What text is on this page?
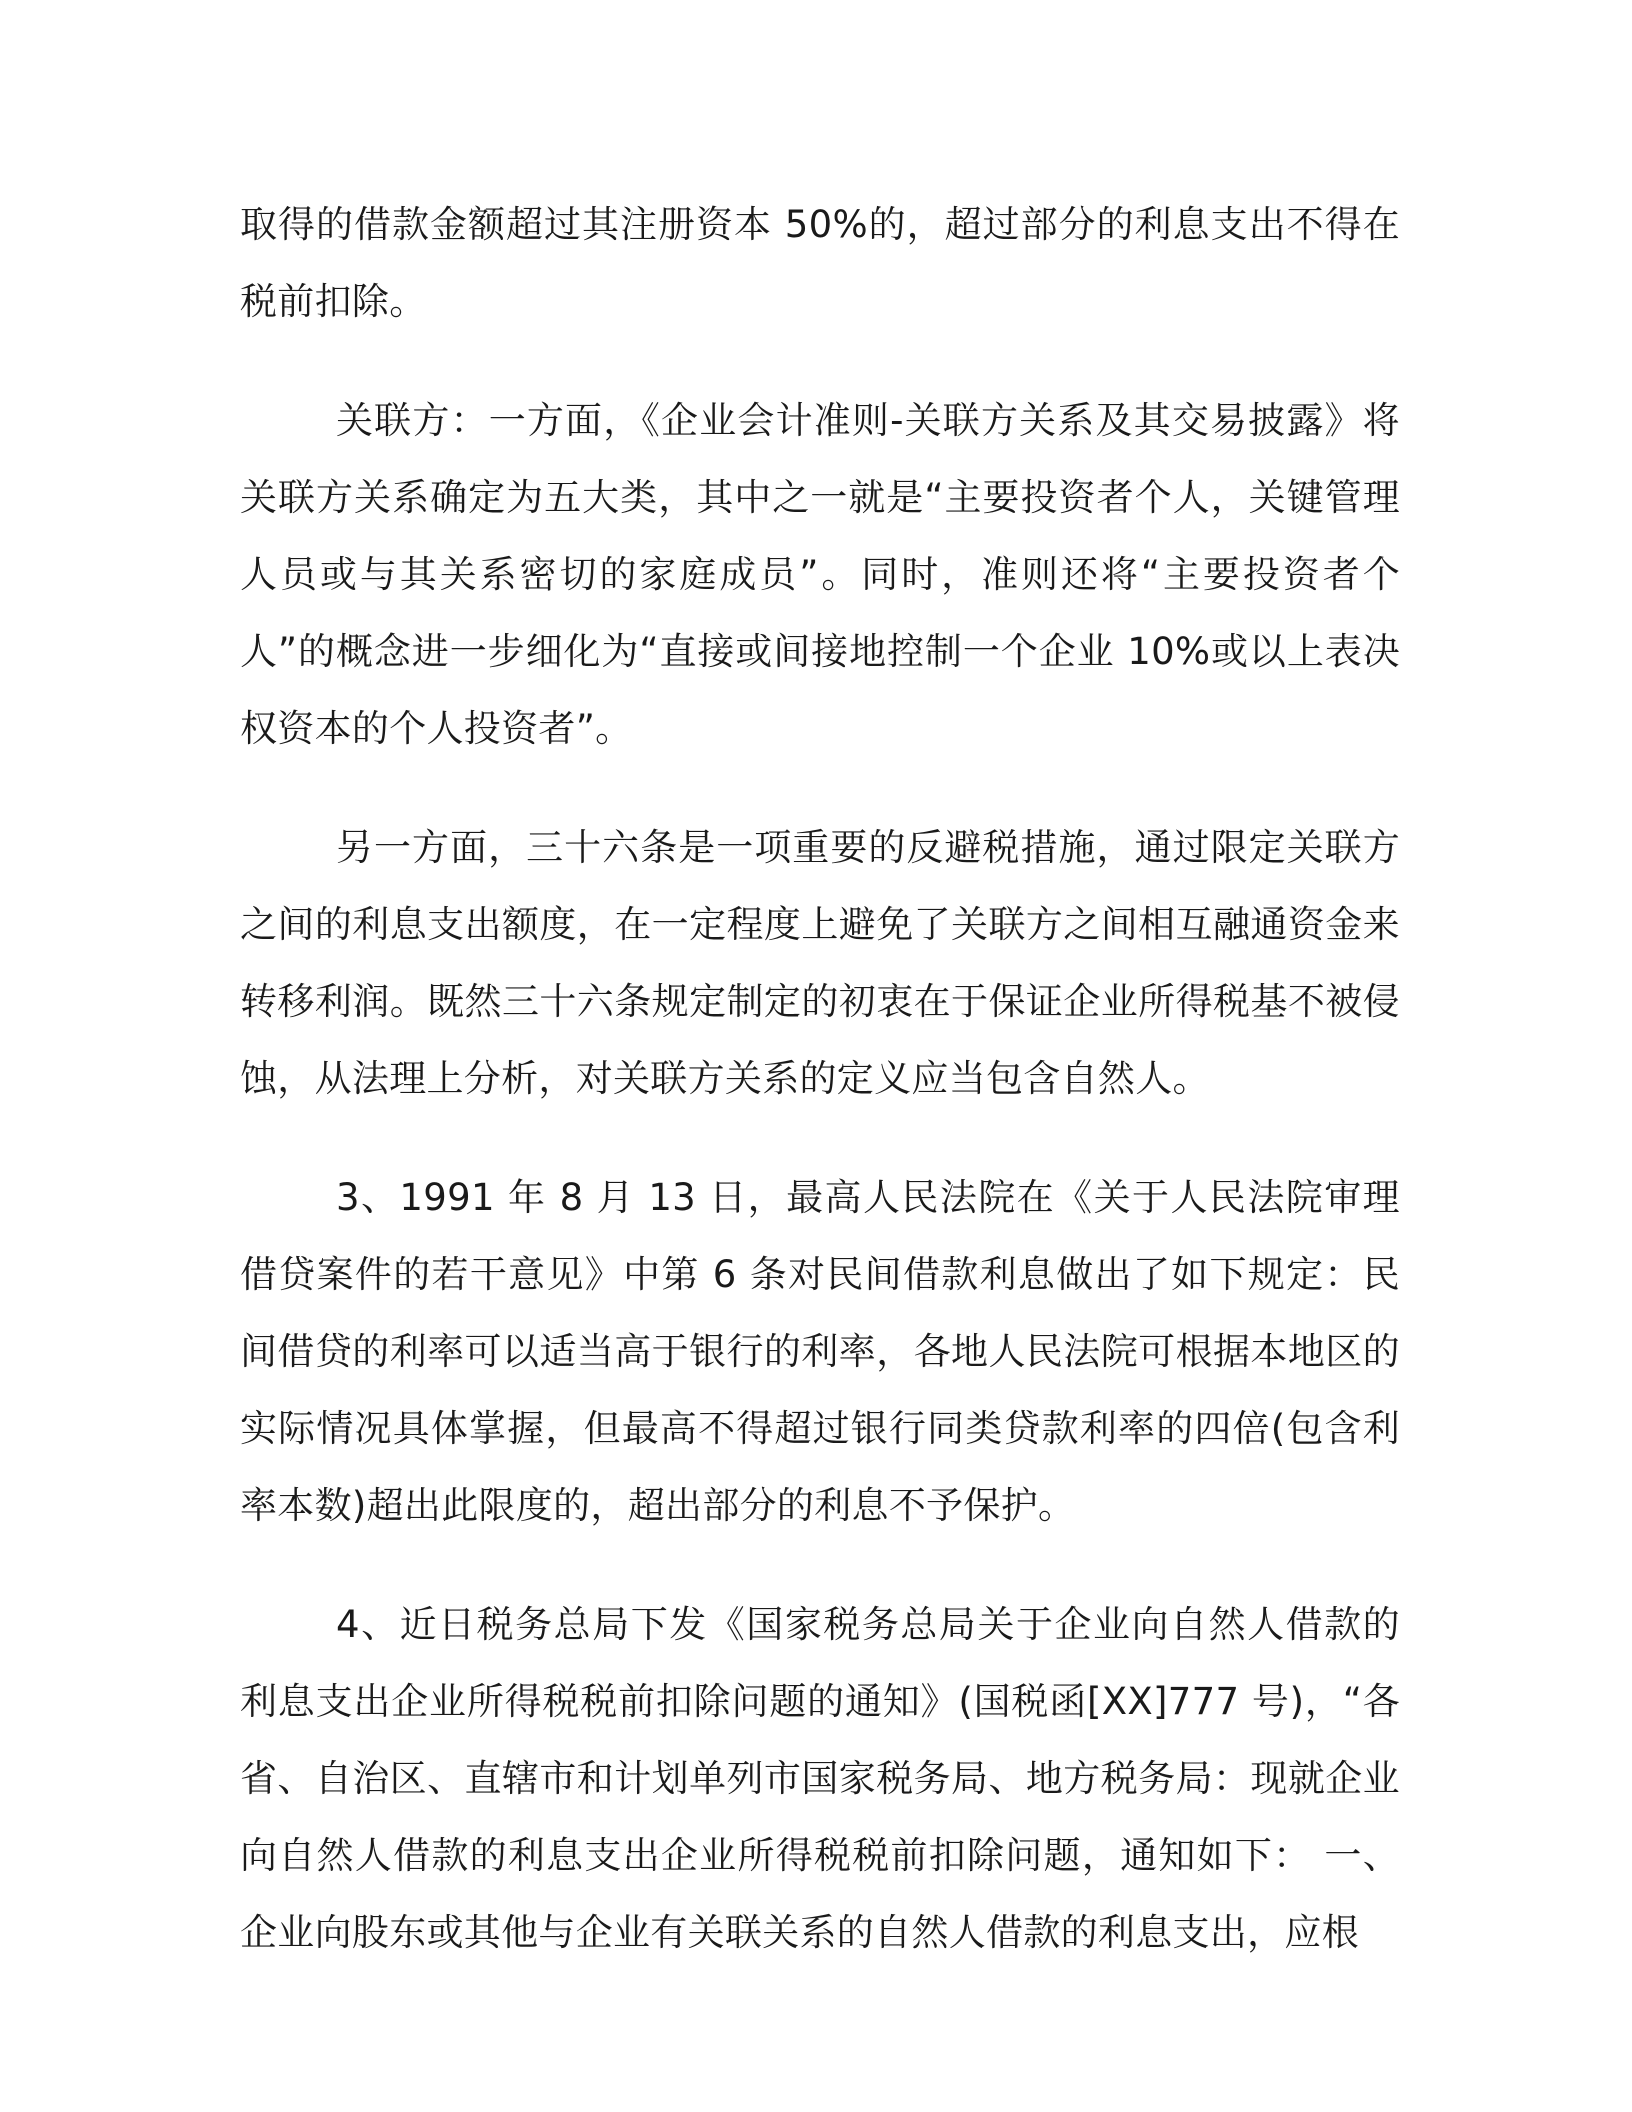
取得的借款金额超过其注册资本 50%的，超过部分的利息支出不得在税前扣除。

关联方：一方面，《企业会计准则-关联方关系及其交易披露》将关联方关系确定为五大类，其中之一就是“主要投资者个人，关键管理人员或与其关系密切的家庭成员”。同时，准则还将“主要投资者个人”的概念进一步细化为“直接或间接地控制一个企业 10%或以上表决权资本的个人投资者”。

另一方面，三十六条是一项重要的反避税措施，通过限定关联方之间的利息支出额度，在一定程度上避免了关联方之间相互融通资金来转移利润。既然三十六条规定制定的初衷在于保证企业所得税基不被侵蚀，从法理上分析，对关联方关系的定义应当包含自然人。

3、1991 年 8 月 13 日，最高人民法院在《关于人民法院审理借贷案件的若干意见》中第 6 条对民间借款利息做出了如下规定：民间借贷的利率可以适当高于银行的利率，各地人民法院可根据本地区的实际情况具体掌握，但最高不得超过银行同类贷款利率的四倍(包含利率本数)超出此限度的，超出部分的利息不予保护。

4、近日税务总局下发《国家税务总局关于企业向自然人借款的利息支出企业所得税税前扣除问题的通知》(国税函[XX]777 号)，“各省、自治区、直辖市和计划单列市国家税务局、地方税务局：现就企业向自然人借款的利息支出企业所得税税前扣除问题，通知如下： 一、企业向股东或其他与企业有关联关系的自然人借款的利息支出，应根
